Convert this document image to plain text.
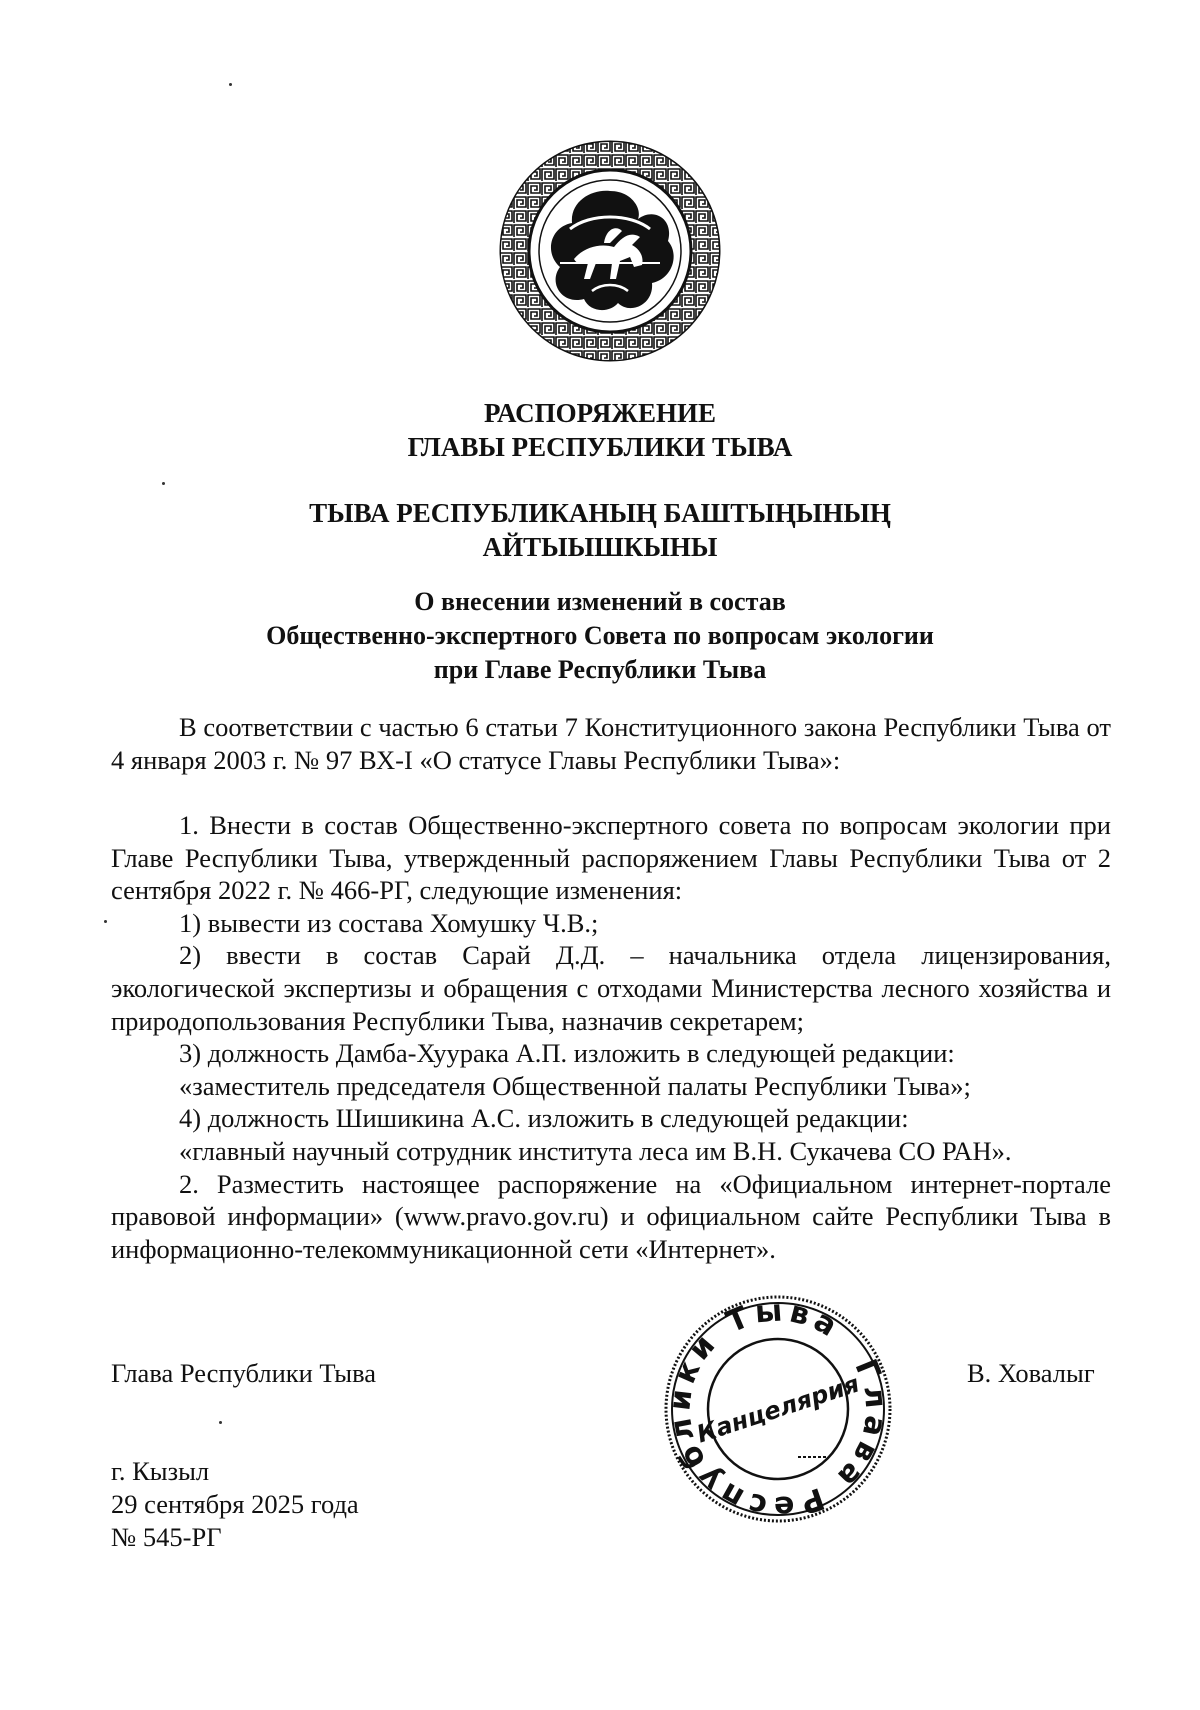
РАСПОРЯЖЕНИЕ
ГЛАВЫ РЕСПУБЛИКИ ТЫВА
ТЫВА РЕСПУБЛИКАНЫҢ БАШТЫҢЫНЫҢ
АЙТЫЫШКЫНЫ
О внесении изменений в состав
Общественно-экспертного Совета по вопросам экологии
при Главе Республики Тыва

В соответствии с частью 6 статьи 7 Конституционного закона Республики Тыва от 4 января 2003 г. № 97 ВХ-I «О статусе Главы Республики Тыва»:

1. Внести в состав Общественно-экспертного совета по вопросам экологии при Главе Республики Тыва, утвержденный распоряжением Главы Республики Тыва от 2 сентября 2022 г. № 466-РГ, следующие изменения:

1) вывести из состава Хомушку Ч.В.;

2) ввести в состав Сарай Д.Д. – начальника отдела лицензирования, экологической экспертизы и обращения с отходами Министерства лесного хозяйства и природопользования Республики Тыва, назначив секретарем;

3) должность Дамба-Хуурака А.П. изложить в следующей редакции:

«заместитель председателя Общественной палаты Республики Тыва»;

4) должность Шишикина А.С. изложить в следующей редакции:

«главный научный сотрудник института леса им В.Н. Сукачева СО РАН».

2. Разместить настоящее распоряжение на «Официальном интернет-портале правовой информации» (www.pravo.gov.ru) и официальном сайте Республики Тыва в информационно-телекоммуникационной сети «Интернет».

Глава Республики Тыва	В. Ховалыг
Глава Республики Тыва
Канцелярия
г. Кызыл
29 сентября 2025 года
№ 545-РГ
